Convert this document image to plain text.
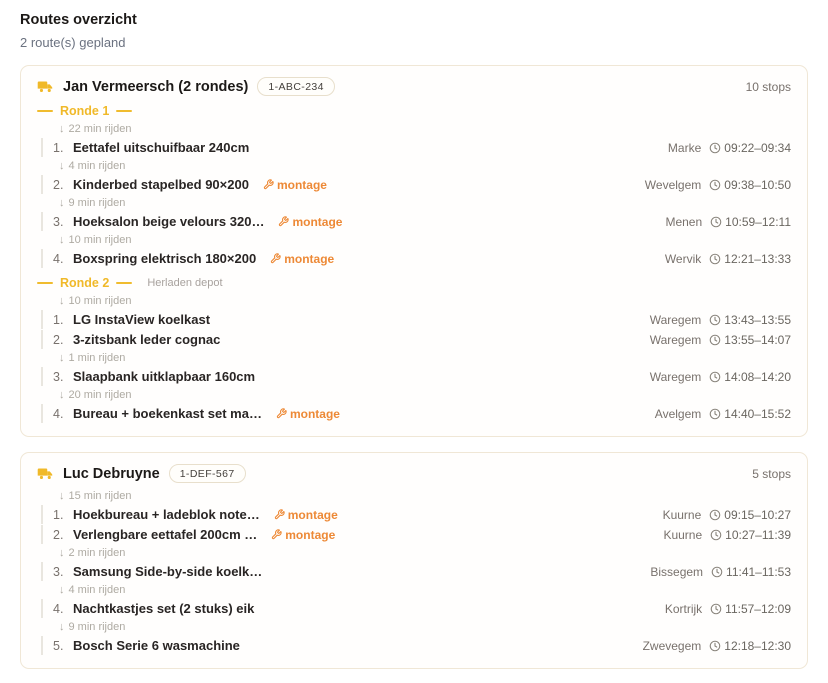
Routes overzicht
2 route(s) gepland
Jan Vermeersch (2 rondes)	1-ABC-234	10 stops
Ronde 1
↓ 22 min rijden
1. Eettafel uitschuifbaar 240cm	Marke 09:22–09:34
↓ 4 min rijden
2. Kinderbed stapelbed 90×200 montage	Wevelgem 09:38–10:50
↓ 9 min rijden
3. Hoeksalon beige velours 320… montage	Menen 10:59–12:11
↓ 10 min rijden
4. Boxspring elektrisch 180×200 montage	Wervik 12:21–13:33
Ronde 2	Herladen depot
↓ 10 min rijden
1. LG InstaView koelkast	Waregem 13:43–13:55
2. 3-zitsbank leder cognac	Waregem 13:55–14:07
↓ 1 min rijden
3. Slaapbank uitklapbaar 160cm	Waregem 14:08–14:20
↓ 20 min rijden
4. Bureau + boekenkast set ma… montage	Avelgem 14:40–15:52
Luc Debruyne	1-DEF-567	5 stops
↓ 15 min rijden
1. Hoekbureau + ladeblok note… montage	Kuurne 09:15–10:27
2. Verlengbare eettafel 200cm … montage	Kuurne 10:27–11:39
↓ 2 min rijden
3. Samsung Side-by-side koelk…	Bissegem 11:41–11:53
↓ 4 min rijden
4. Nachtkastjes set (2 stuks) eik	Kortrijk 11:57–12:09
↓ 9 min rijden
5. Bosch Serie 6 wasmachine	Zwevegem 12:18–12:30
